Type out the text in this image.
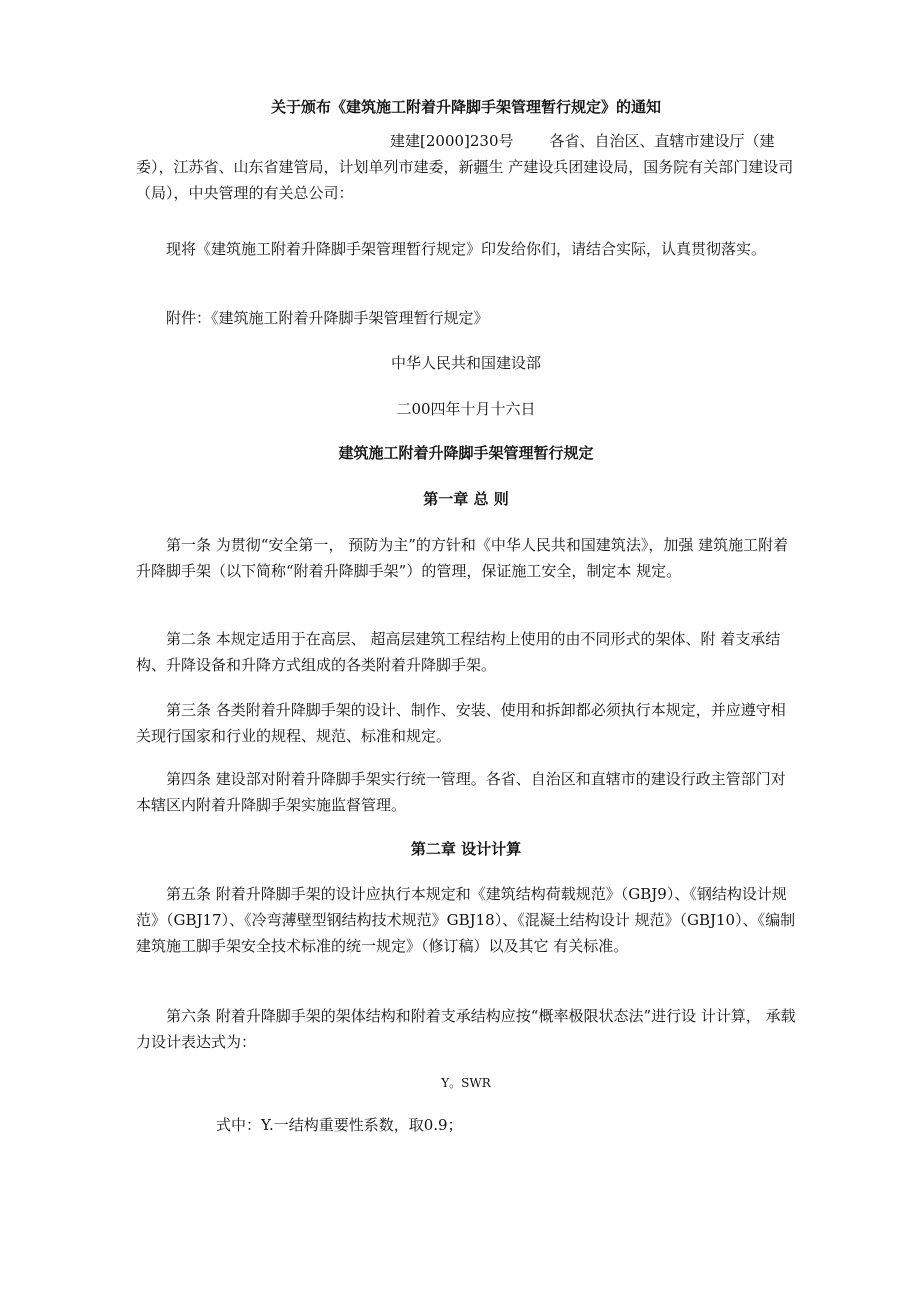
关于颁布《建筑施工附着升降脚手架管理暂行规定》的通知
建建[2000]230号 各省、自治区、直辖市建设厅（建委），江苏省、山东省建管局，计划单列市建委，新疆生 产建设兵团建设局，国务院有关部门建设司（局），中央管理的有关总公司：
现将《建筑施工附着升降脚手架管理暂行规定》印发给你们，请结合实际，认真贯彻落实。
附件：《建筑施工附着升降脚手架管理暂行规定》
中华人民共和国建设部
二00四年十月十六日
建筑施工附着升降脚手架管理暂行规定
第一章 总 则
第一条 为贯彻“安全第一， 预防为主”的方针和《中华人民共和国建筑法》，加强 建筑施工附着升降脚手架（以下简称“附着升降脚手架”）的管理，保证施工安全，制定本 规定。
第二条 本规定适用于在高层、 超高层建筑工程结构上使用的由不同形式的架体、附 着支承结构、升降设备和升降方式组成的各类附着升降脚手架。
第三条 各类附着升降脚手架的设计、制作、安装、使用和拆卸都必须执行本规定，并应遵守相关现行国家和行业的规程、规范、标准和规定。
第四条 建设部对附着升降脚手架实行统一管理。各省、自治区和直辖市的建设行政主管部门对本辖区内附着升降脚手架实施监督管理。
第二章 设计计算
第五条 附着升降脚手架的设计应执行本规定和《建筑结构荷载规范》（GBJ9）、《钢结构设计规范》（GBJ17）、《冷弯薄壁型钢结构技术规范》GBJ18）、《混凝土结构设计 规范》（GBJ10）、《编制建筑施工脚手架安全技术标准的统一规定》（修订稿）以及其它 有关标准。
第六条 附着升降脚手架的架体结构和附着支承结构应按“概率极限状态法”进行设 计计算， 承载力设计表达式为：
Y。SWR
式中：Y.一结构重要性系数，取0.9；
